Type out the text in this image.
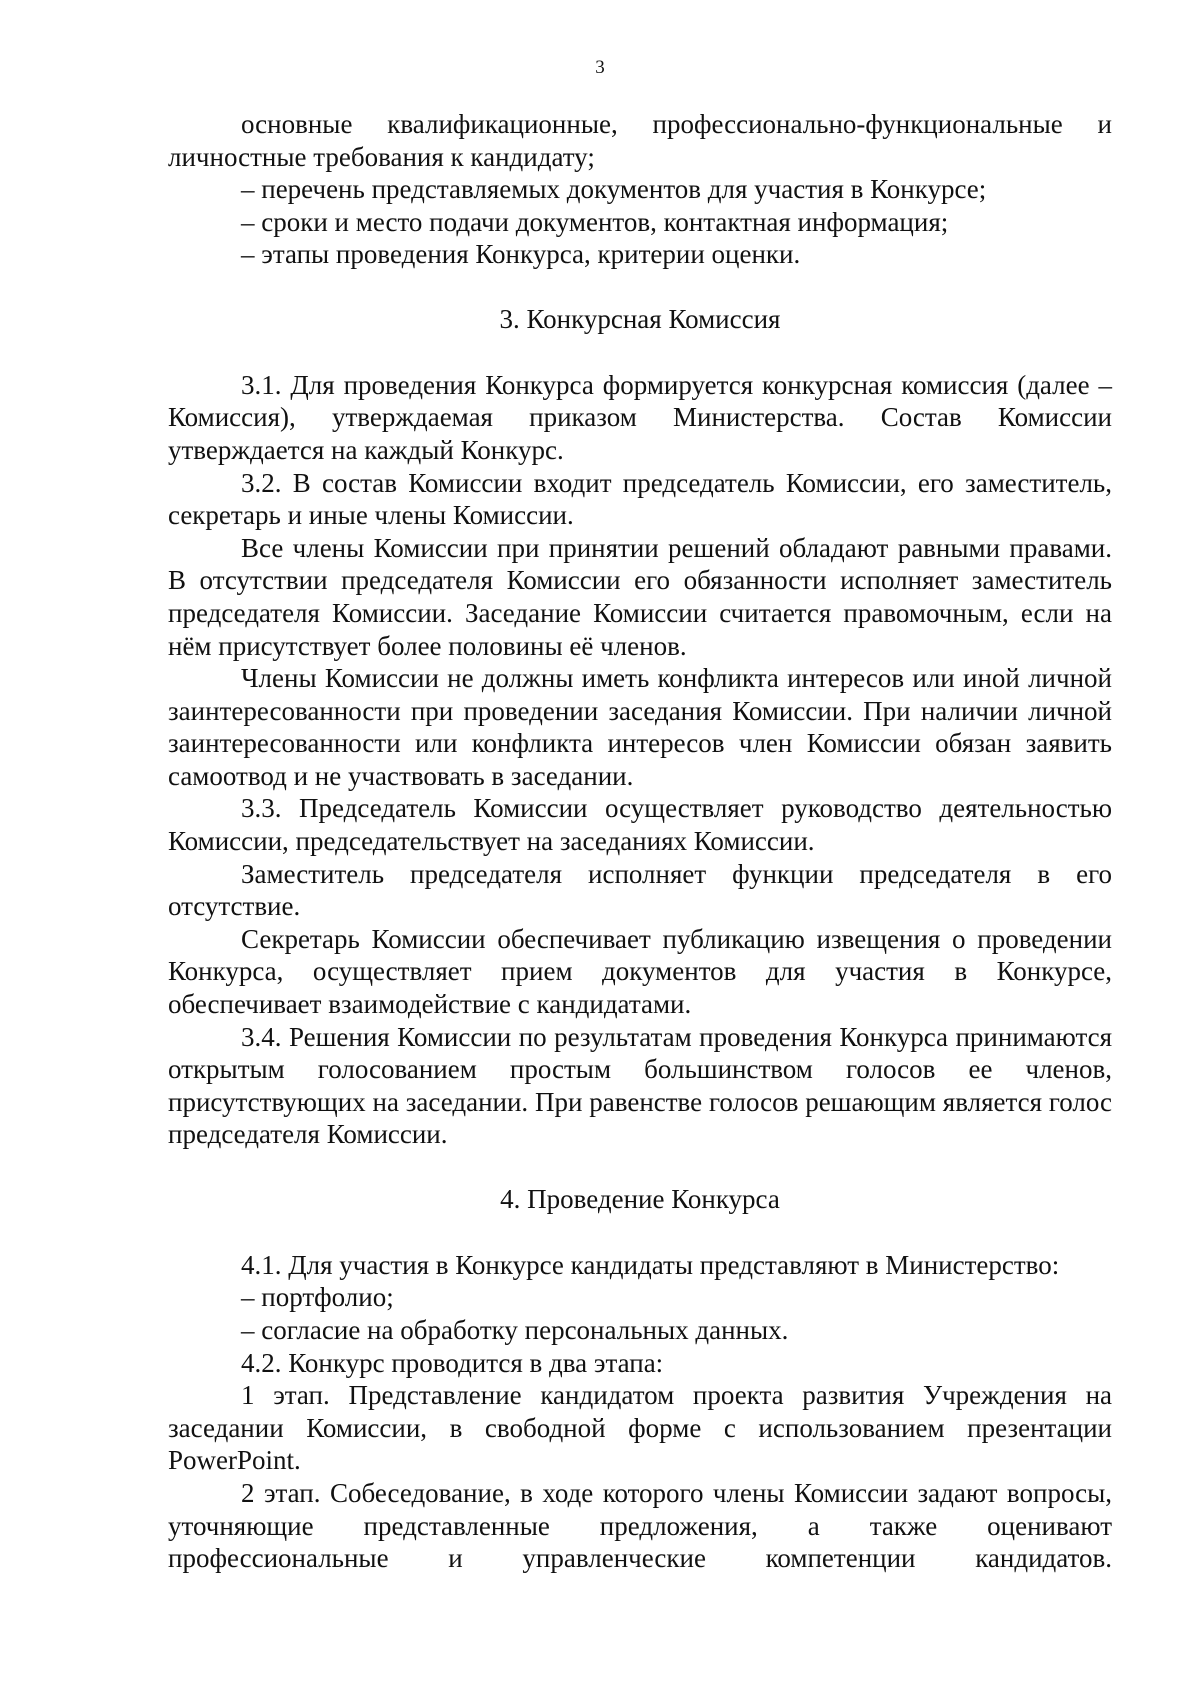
3

основные квалификационные, профессионально-функциональные и личностные требования к кандидату;

– перечень представляемых документов для участия в Конкурсе;

– сроки и место подачи документов, контактная информация;

– этапы проведения Конкурса, критерии оценки.

3. Конкурсная Комиссия

3.1. Для проведения Конкурса формируется конкурсная комиссия (далее – Комиссия), утверждаемая приказом Министерства. Состав Комиссии утверждается на каждый Конкурс.

3.2. В состав Комиссии входит председатель Комиссии, его заместитель, секретарь и иные члены Комиссии.

Все члены Комиссии при принятии решений обладают равными правами. В отсутствии председателя Комиссии его обязанности исполняет заместитель председателя Комиссии. Заседание Комиссии считается правомочным, если на нём присутствует более половины её членов.

Члены Комиссии не должны иметь конфликта интересов или иной личной заинтересованности при проведении заседания Комиссии. При наличии личной заинтересованности или конфликта интересов член Комиссии обязан заявить самоотвод и не участвовать в заседании.

3.3. Председатель Комиссии осуществляет руководство деятельностью Комиссии, председательствует на заседаниях Комиссии.

Заместитель председателя исполняет функции председателя в его отсутствие.

Секретарь Комиссии обеспечивает публикацию извещения о проведении Конкурса, осуществляет прием документов для участия в Конкурсе, обеспечивает взаимодействие с кандидатами.

3.4. Решения Комиссии по результатам проведения Конкурса принимаются открытым голосованием простым большинством голосов ее членов, присутствующих на заседании. При равенстве голосов решающим является голос председателя Комиссии.

4. Проведение Конкурса

4.1. Для участия в Конкурсе кандидаты представляют в Министерство:

– портфолио;

– согласие на обработку персональных данных.

4.2. Конкурс проводится в два этапа:

1 этап. Представление кандидатом проекта развития Учреждения на заседании Комиссии, в свободной форме с использованием презентации PowerPoint.

2 этап. Собеседование, в ходе которого члены Комиссии задают вопросы, уточняющие представленные предложения, а также оценивают профессиональные и управленческие компетенции кандидатов.
